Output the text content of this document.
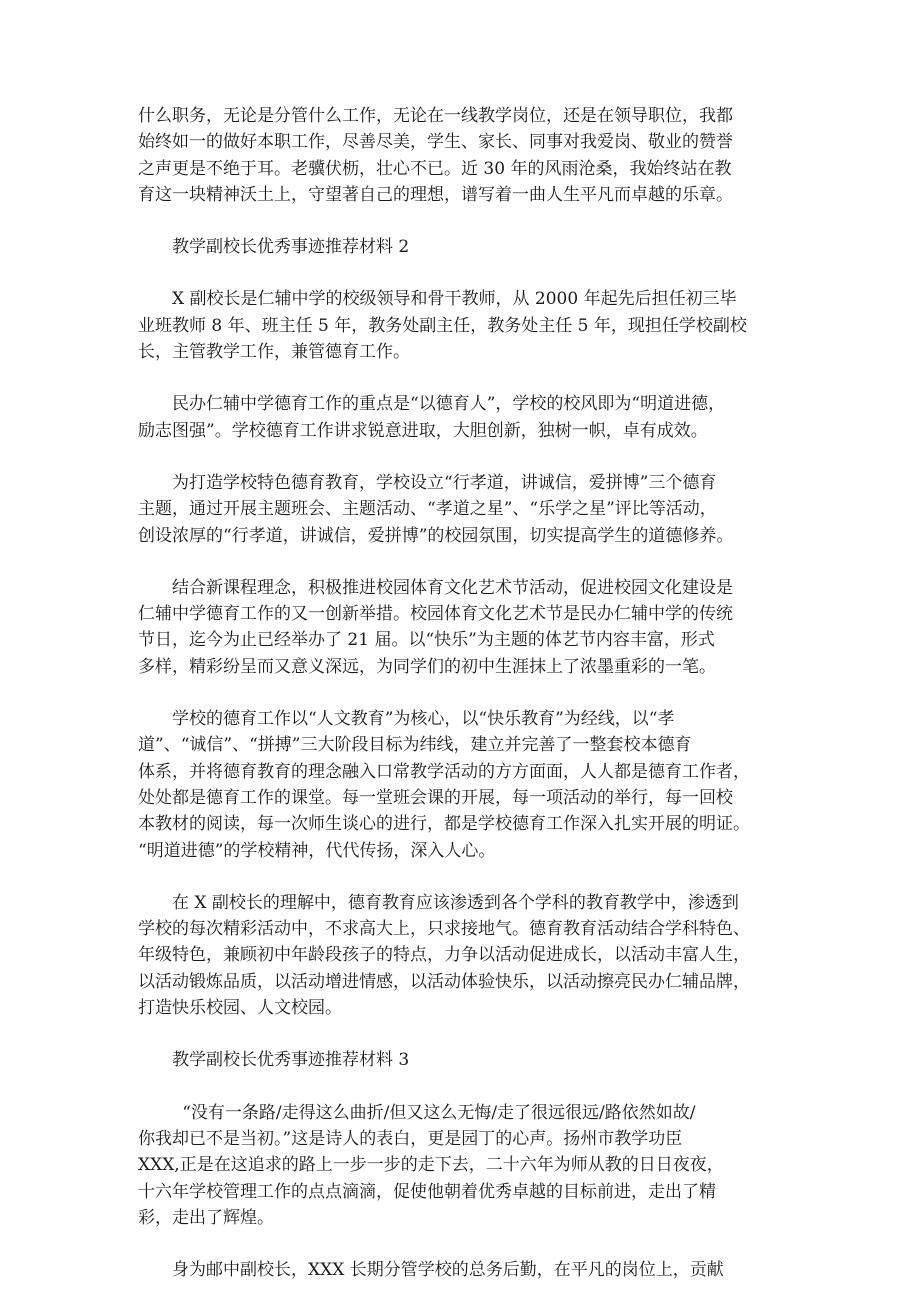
什么职务，无论是分管什么工作，无论在一线教学岗位，还是在领导职位，我都
始终如一的做好本职工作，尽善尽美，学生、家长、同事对我爱岗、敬业的赞誉
之声更是不绝于耳。老骥伏枥，壮心不已。近 30 年的风雨沧桑，我始终站在教
育这一块精神沃土上，守望著自己的理想，谱写着一曲人生平凡而卓越的乐章。

教学副校长优秀事迹推荐材料 2

X 副校长是仁辅中学的校级领导和骨干教师，从 2000 年起先后担任初三毕
业班教师 8 年、班主任 5 年，教务处副主任，教务处主任 5 年，现担任学校副校
长，主管教学工作，兼管德育工作。

民办仁辅中学德育工作的重点是“以德育人”，学校的校风即为“明道进德，
励志图强”。学校德育工作讲求锐意进取，大胆创新，独树一帜，卓有成效。

为打造学校特色德育教育，学校设立“行孝道，讲诚信，爱拼博”三个德育
主题，通过开展主题班会、主题活动、“孝道之星”、“乐学之星”评比等活动，
创设浓厚的“行孝道，讲诚信，爱拼博”的校园氛围，切实提高学生的道德修养。

结合新课程理念，积极推进校园体育文化艺术节活动，促进校园文化建设是
仁辅中学德育工作的又一创新举措。校园体育文化艺术节是民办仁辅中学的传统
节日，迄今为止已经举办了 21 届。以“快乐”为主题的体艺节内容丰富，形式
多样，精彩纷呈而又意义深远，为同学们的初中生涯抹上了浓墨重彩的一笔。

学校的德育工作以“人文教育”为核心，以“快乐教育”为经线，以“孝
道”、“诚信”、“拼搏”三大阶段目标为纬线，建立并完善了一整套校本德育
体系，并将德育教育的理念融入口常教学活动的方方面面，人人都是德育工作者，
处处都是德育工作的课堂。每一堂班会课的开展，每一项活动的举行，每一回校
本教材的阅读，每一次师生谈心的进行，都是学校德育工作深入扎实开展的明证。
“明道进德”的学校精神，代代传扬，深入人心。

在 X 副校长的理解中，德育教育应该渗透到各个学科的教育教学中，渗透到
学校的每次精彩活动中，不求高大上，只求接地气。德育教育活动结合学科特色、
年级特色，兼顾初中年龄段孩子的特点，力争以活动促进成长，以活动丰富人生，
以活动锻炼品质，以活动增进情感，以活动体验快乐，以活动擦亮民办仁辅品牌，
打造快乐校园、人文校园。

教学副校长优秀事迹推荐材料 3

“没有一条路/走得这么曲折/但又这么无悔/走了很远很远/路依然如故/
你我却已不是当初。”这是诗人的表白，更是园丁的心声。扬州市教学功臣
XXX,正是在这追求的路上一步一步的走下去，二十六年为师从教的日日夜夜，
十六年学校管理工作的点点滴滴，促使他朝着优秀卓越的目标前进，走出了精
彩，走出了辉煌。

身为邮中副校长，XXX 长期分管学校的总务后勤，在平凡的岗位上，贡献
